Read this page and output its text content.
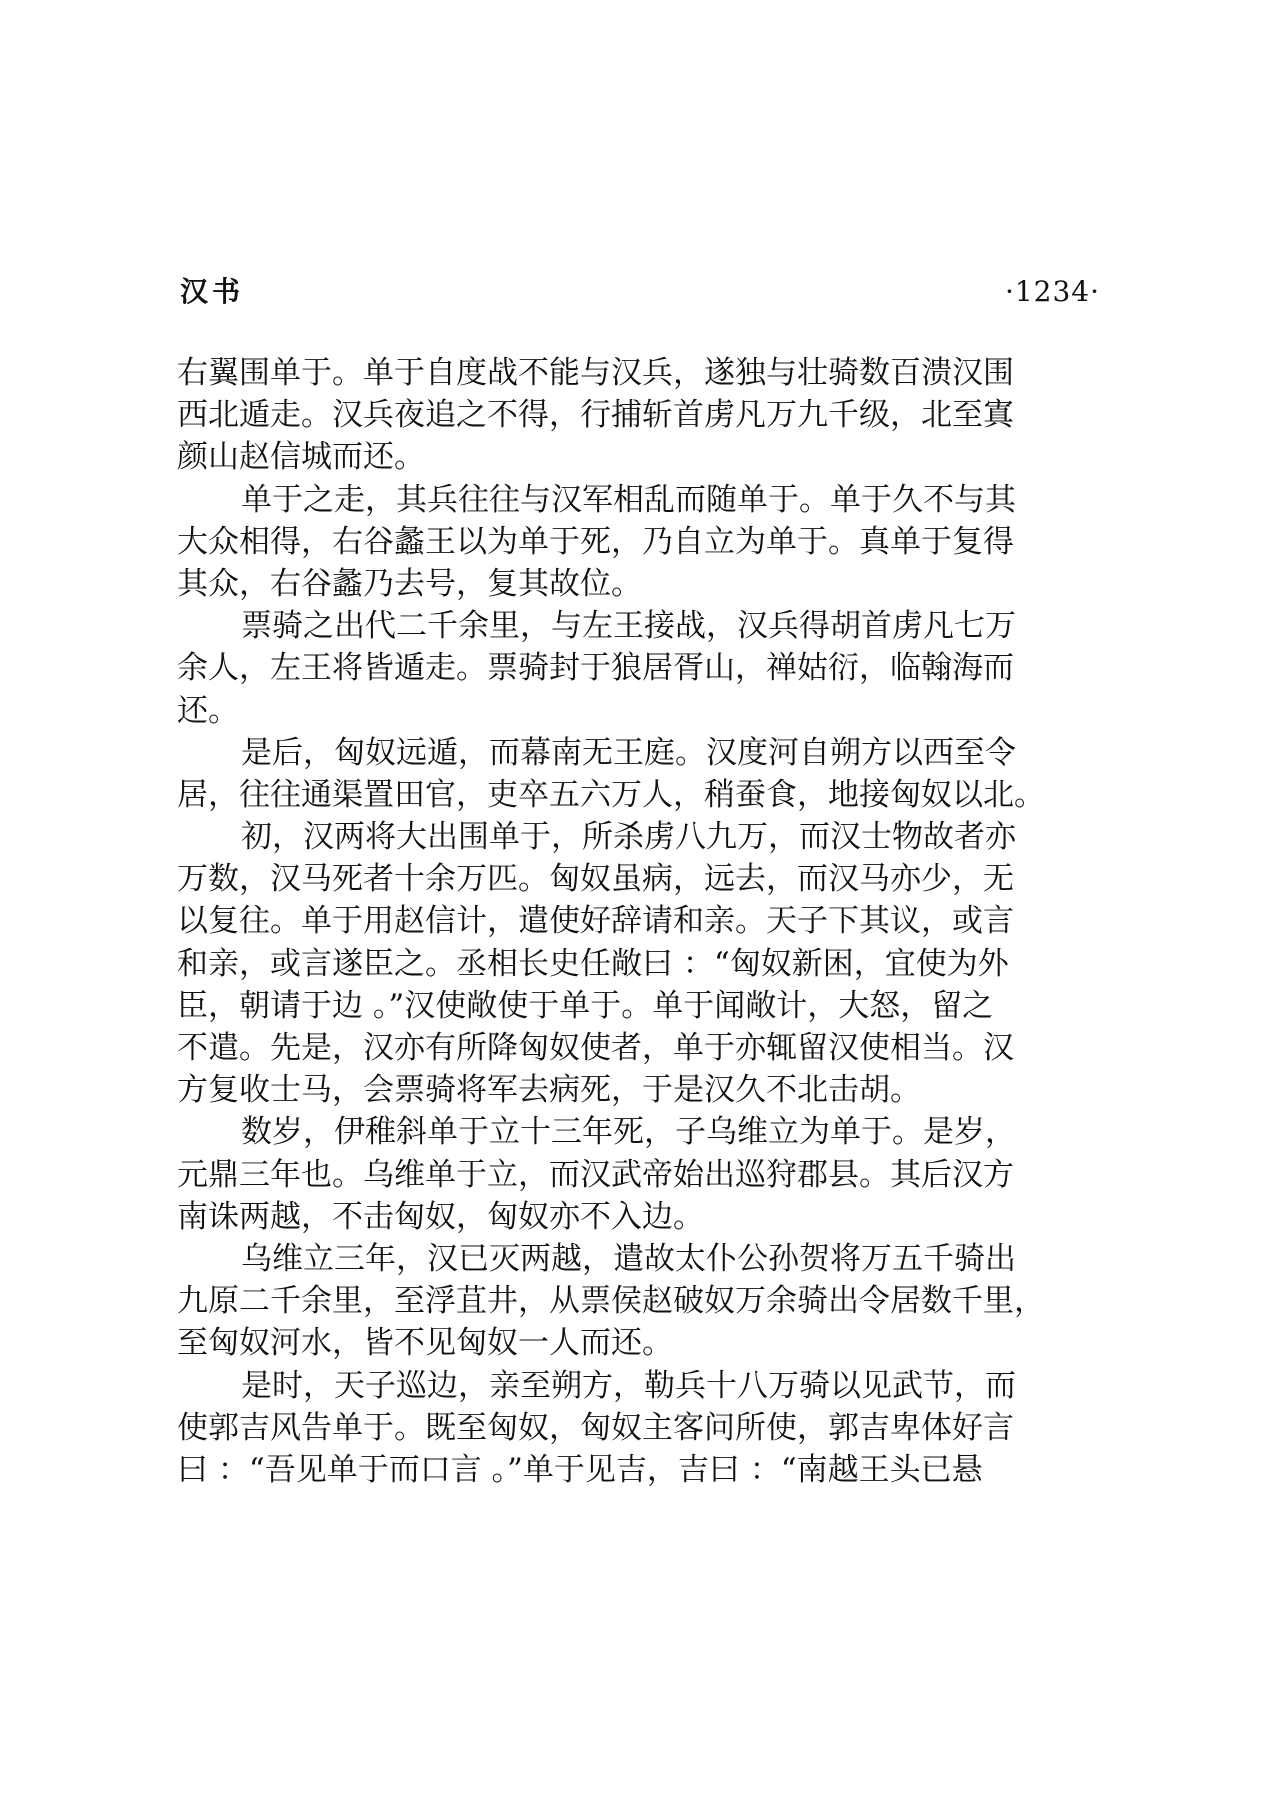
汉书	·1234·
右翼围单于。单于自度战不能与汉兵，遂独与壮骑数百溃汉围
西北遁走。汉兵夜追之不得，行捕斩首虏凡万九千级，北至寘
颜山赵信城而还。
单于之走，其兵往往与汉军相乱而随单于。单于久不与其
大众相得，右谷蠡王以为单于死，乃自立为单于。真单于复得
其众，右谷蠡乃去号，复其故位。
票骑之出代二千余里，与左王接战，汉兵得胡首虏凡七万
余人，左王将皆遁走。票骑封于狼居胥山，禅姑衍，临翰海而
还。
是后，匈奴远遁，而幕南无王庭。汉度河自朔方以西至令
居，往往通渠置田官，吏卒五六万人，稍蚕食，地接匈奴以北。
初，汉两将大出围单于，所杀虏八九万，而汉士物故者亦
万数，汉马死者十余万匹。匈奴虽病，远去，而汉马亦少，无
以复往。单于用赵信计，遣使好辞请和亲。天子下其议，或言
和亲，或言遂臣之。丞相长史任敞曰 ：“匈奴新困，宜使为外
臣，朝请于边 。”汉使敞使于单于。单于闻敞计，大怒，留之
不遣。先是，汉亦有所降匈奴使者，单于亦辄留汉使相当。汉
方复收士马，会票骑将军去病死，于是汉久不北击胡。
数岁，伊稚斜单于立十三年死，子乌维立为单于。是岁，
元鼎三年也。乌维单于立，而汉武帝始出巡狩郡县。其后汉方
南诛两越，不击匈奴，匈奴亦不入边。
乌维立三年，汉已灭两越，遣故太仆公孙贺将万五千骑出
九原二千余里，至浮苴井，从票侯赵破奴万余骑出令居数千里，
至匈奴河水，皆不见匈奴一人而还。
是时，天子巡边，亲至朔方，勒兵十八万骑以见武节，而
使郭吉风告单于。既至匈奴，匈奴主客问所使，郭吉卑体好言
曰 ：“吾见单于而口言 。”单于见吉，吉曰 ：“南越王头已悬
